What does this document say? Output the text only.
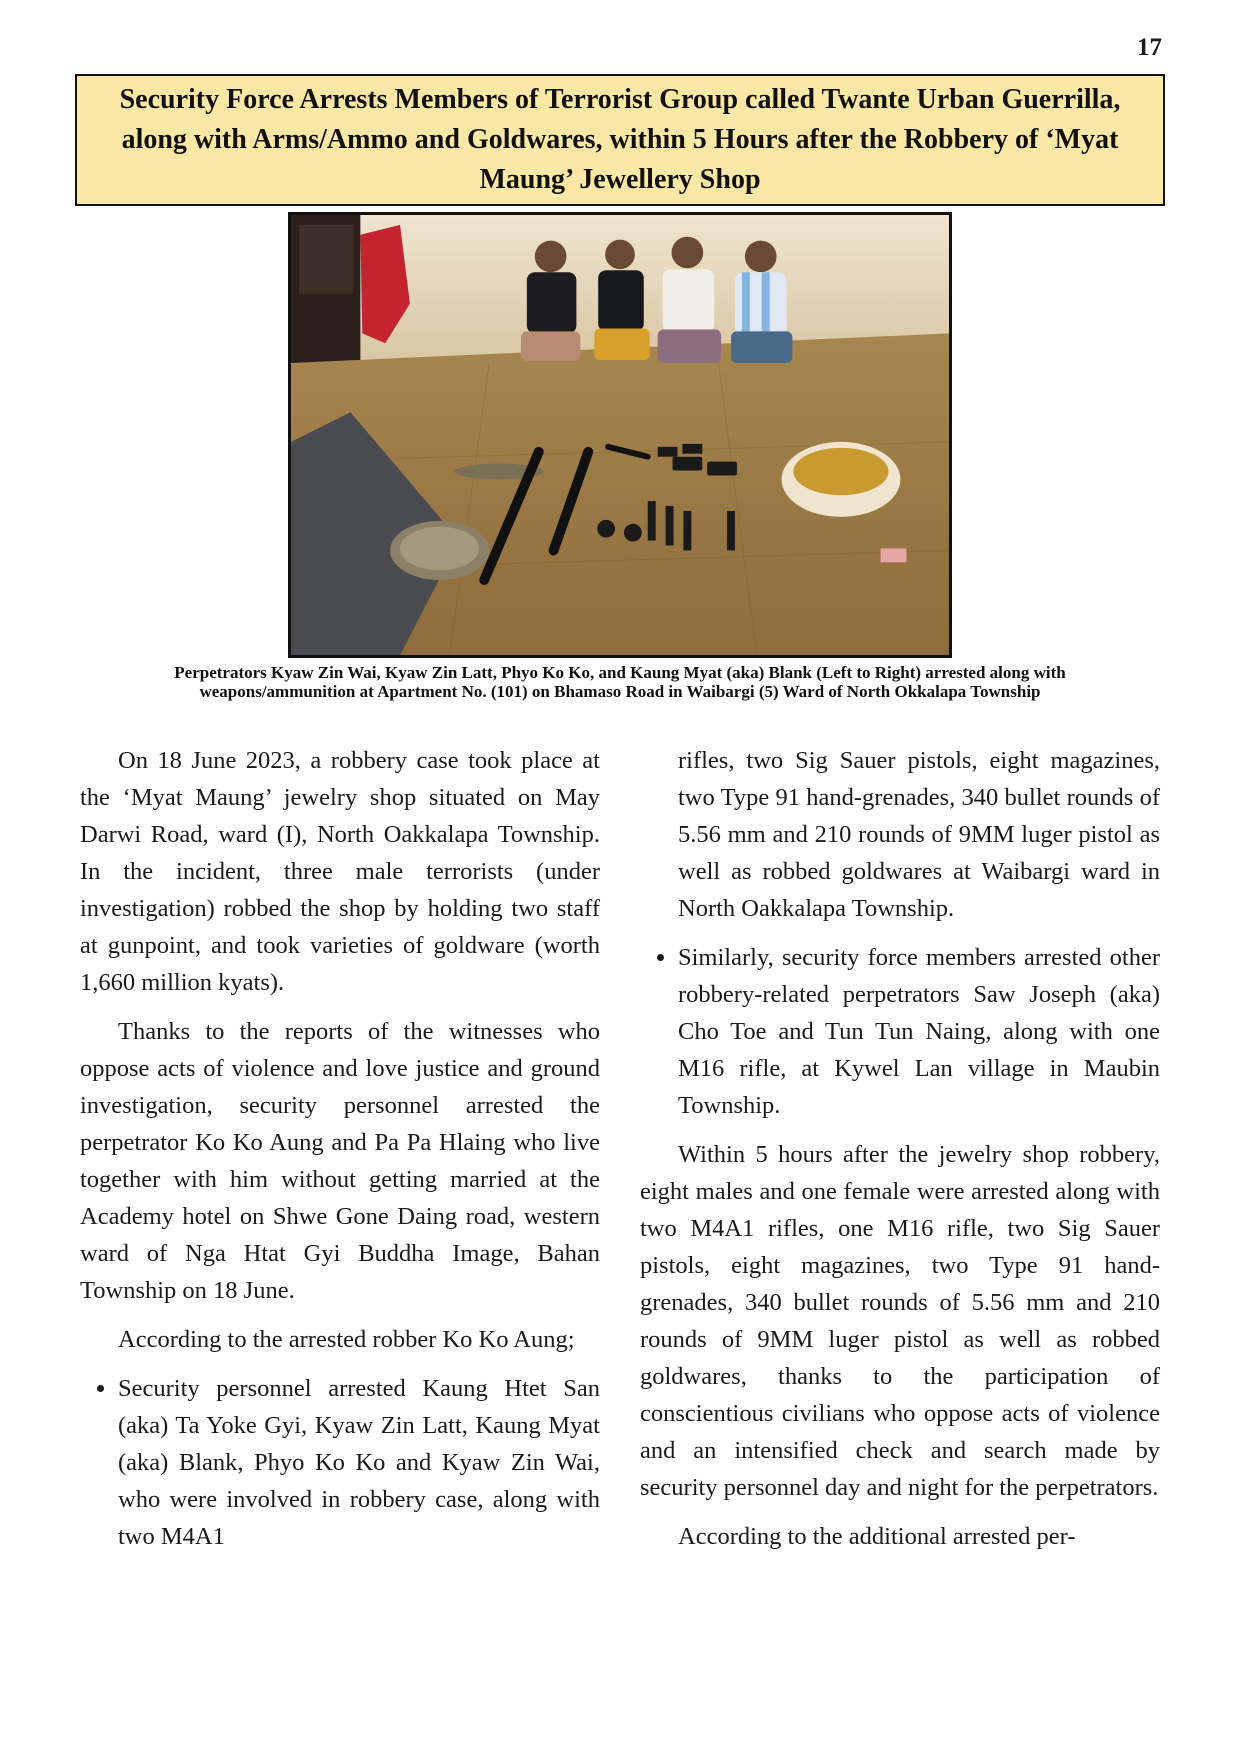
17
Security Force Arrests Members of Terrorist Group called Twante Urban Guerrilla, along with Arms/Ammo and Goldwares, within 5 Hours after the Robbery of ‘Myat Maung’ Jewellery Shop
Perpetrators Kyaw Zin Wai, Kyaw Zin Latt, Phyo Ko Ko, and Kaung Myat (aka) Blank (Left to Right) arrested along with weapons/ammunition at Apartment No. (101) on Bhamaso Road in Waibargi (5) Ward of North Okkalapa Township

On 18 June 2023, a robbery case took place at the ‘Myat Maung’ jewelry shop situated on May Darwi Road, ward (I), North Oakkalapa Township. In the incident, three male terrorists (under investigation) robbed the shop by holding two staff at gunpoint, and took varieties of goldware (worth 1,660 million kyats).

Thanks to the reports of the witnesses who oppose acts of violence and love justice and ground investigation, security personnel arrested the perpetrator Ko Ko Aung and Pa Pa Hlaing who live together with him without getting married at the Academy hotel on Shwe Gone Daing road, western ward of Nga Htat Gyi Buddha Image, Bahan Township on 18 June.

According to the arrested robber Ko Ko Aung;

• Security personnel arrested Kaung Htet San (aka) Ta Yoke Gyi, Kyaw Zin Latt, Kaung Myat (aka) Blank, Phyo Ko Ko and Kyaw Zin Wai, who were involved in robbery case, along with two M4A1
rifles, two Sig Sauer pistols, eight magazines, two Type 91 hand-grenades, 340 bullet rounds of 5.56 mm and 210 rounds of 9MM luger pistol as well as robbed goldwares at Waibargi ward in North Oakkalapa Township.
• Similarly, security force members arrested other robbery-related perpetrators Saw Joseph (aka) Cho Toe and Tun Tun Naing, along with one M16 rifle, at Kywel Lan village in Maubin Township.

Within 5 hours after the jewelry shop robbery, eight males and one female were arrested along with two M4A1 rifles, one M16 rifle, two Sig Sauer pistols, eight magazines, two Type 91 hand-grenades, 340 bullet rounds of 5.56 mm and 210 rounds of 9MM luger pistol as well as robbed goldwares, thanks to the participation of conscientious civilians who oppose acts of violence and an intensified check and search made by security personnel day and night for the perpetrators.

According to the additional arrested per-
